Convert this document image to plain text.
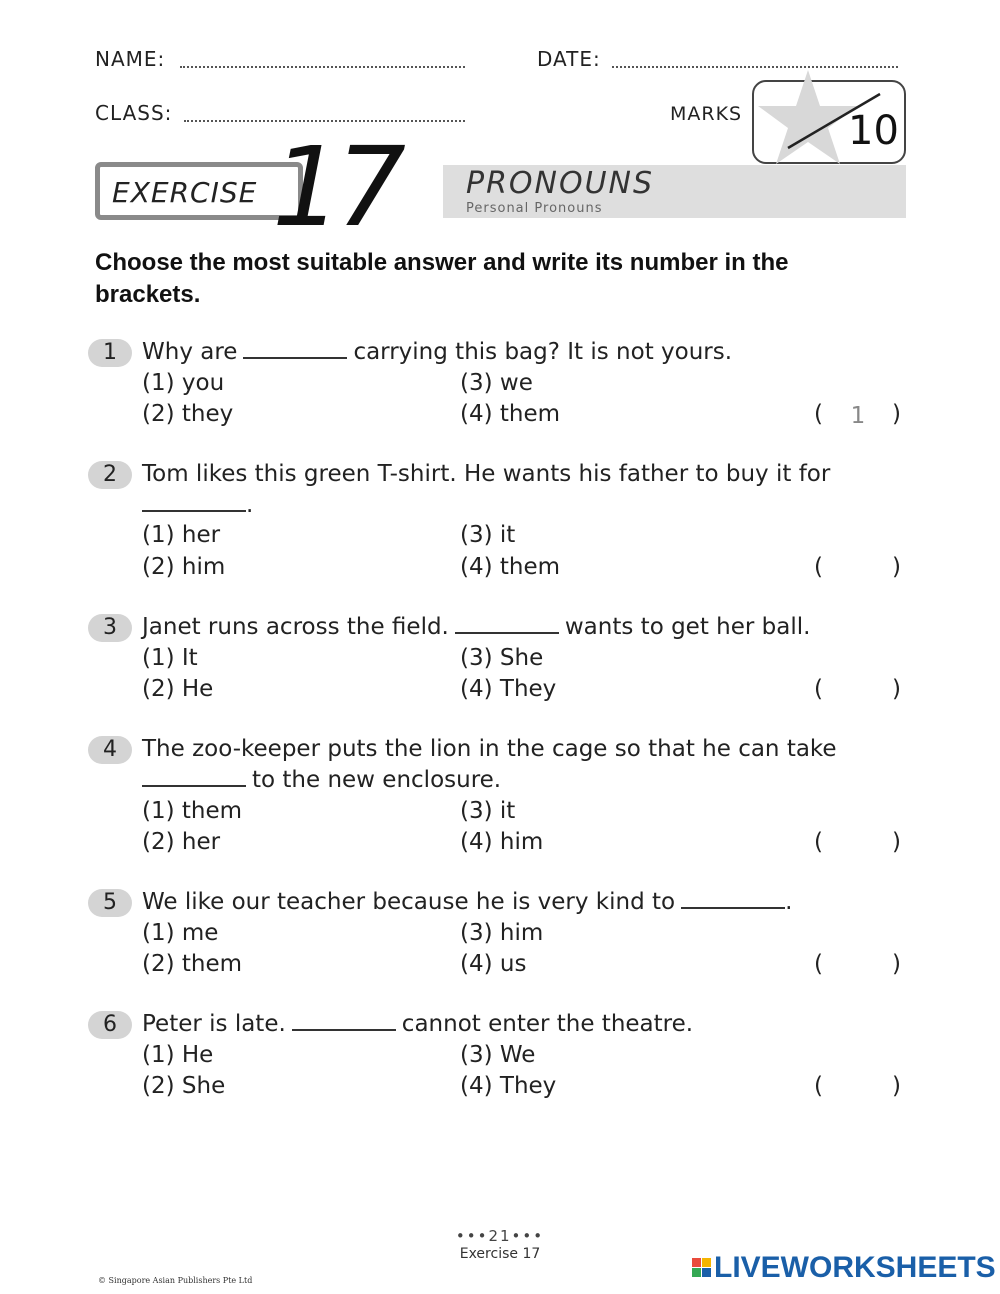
NAME:	DATE:
CLASS:	MARKS	10
EXERCISE 17 PRONOUNS
Personal Pronouns
Choose the most suitable answer and write its number in the
brackets.
1	Why are	carrying this bag? It is not yours.
(1) you
(2) they
(3) we
(4) them	(	1	)
2	Tom likes this green T-shirt. He wants his father to buy it for
.
(1) her
(2) him
(3) it
(4) them	(	)
3	Janet runs across the field.	wants to get her ball.
(1) It
(2) He
(3) She
(4) They	(	)
4	The zoo-keeper puts the lion in the cage so that he can take
to the new enclosure.
(1) them
(2) her
(3) it
(4) him	(	)
5	We like our teacher because he is very kind to	.
(1) me
(2) them
(3) him
(4) us	(	)
6	Peter is late.	cannot enter the theatre.
(1) He
(2) She
(3) We
(4) They	(	)
•••21•••
Exercise 17
© Singapore Asian Publishers Pte Ltd	LIVEWORKSHEETS
